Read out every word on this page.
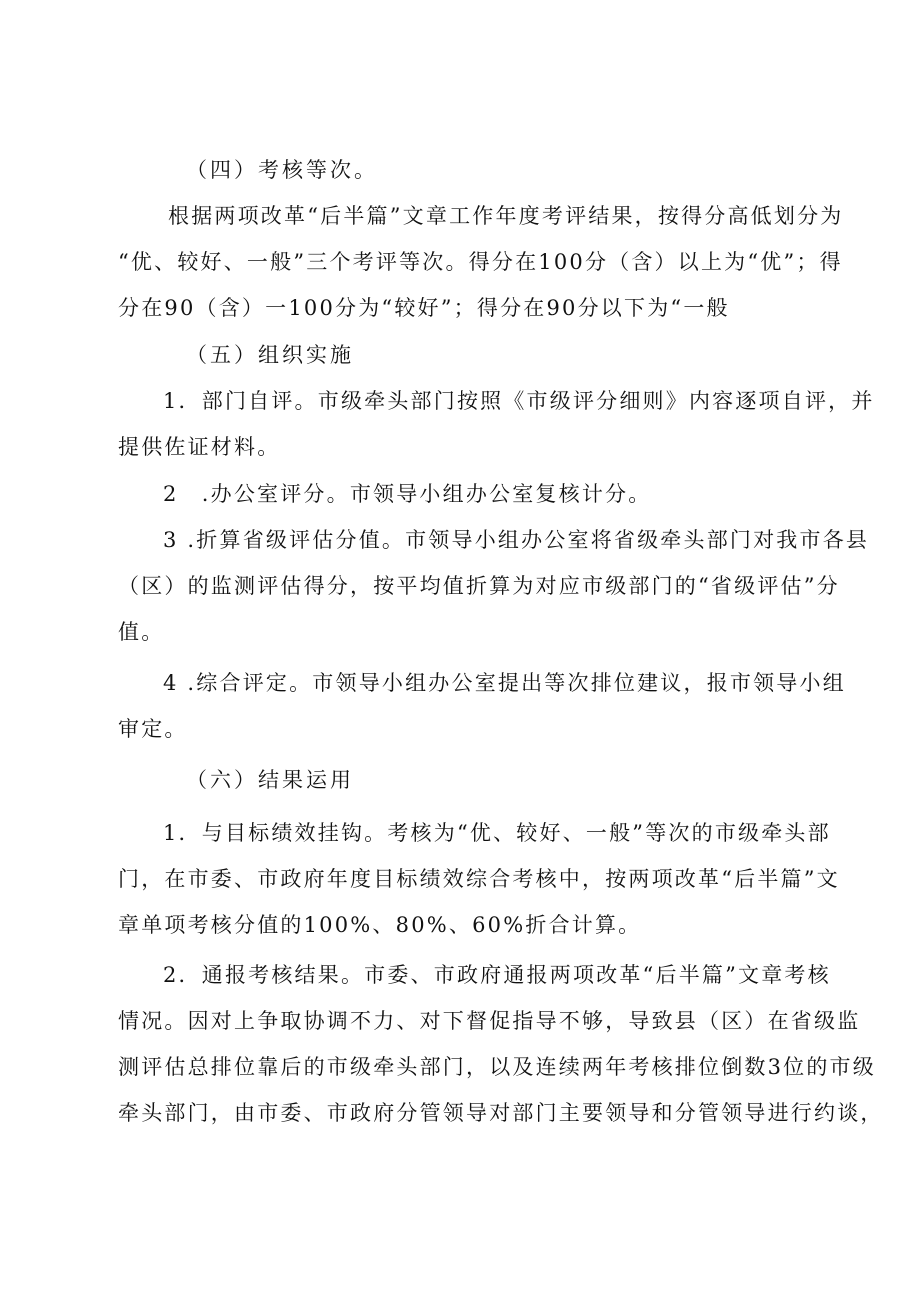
（四）考核等次。
根据两项改革“后半篇”文章工作年度考评结果，按得分高低划分为
“优、较好、一般”三个考评等次。得分在100分（含）以上为“优”；得
分在90（含）一100分为“较好”；得分在90分以下为“一般
（五）组织实施
1．部门自评。市级牵头部门按照《市级评分细则》内容逐项自评，并
提供佐证材料。
2　.办公室评分。市领导小组办公室复核计分。
3 .折算省级评估分值。市领导小组办公室将省级牵头部门对我市各县
（区）的监测评估得分，按平均值折算为对应市级部门的“省级评估”分
值。
4 .综合评定。市领导小组办公室提出等次排位建议，报市领导小组
审定。
（六）结果运用
1．与目标绩效挂钩。考核为“优、较好、一般”等次的市级牵头部
门，在市委、市政府年度目标绩效综合考核中，按两项改革“后半篇”文
章单项考核分值的100%、80%、60%折合计算。
2．通报考核结果。市委、市政府通报两项改革“后半篇”文章考核
情况。因对上争取协调不力、对下督促指导不够，导致县（区）在省级监
测评估总排位靠后的市级牵头部门，以及连续两年考核排位倒数3位的市级
牵头部门，由市委、市政府分管领导对部门主要领导和分管领导进行约谈，
